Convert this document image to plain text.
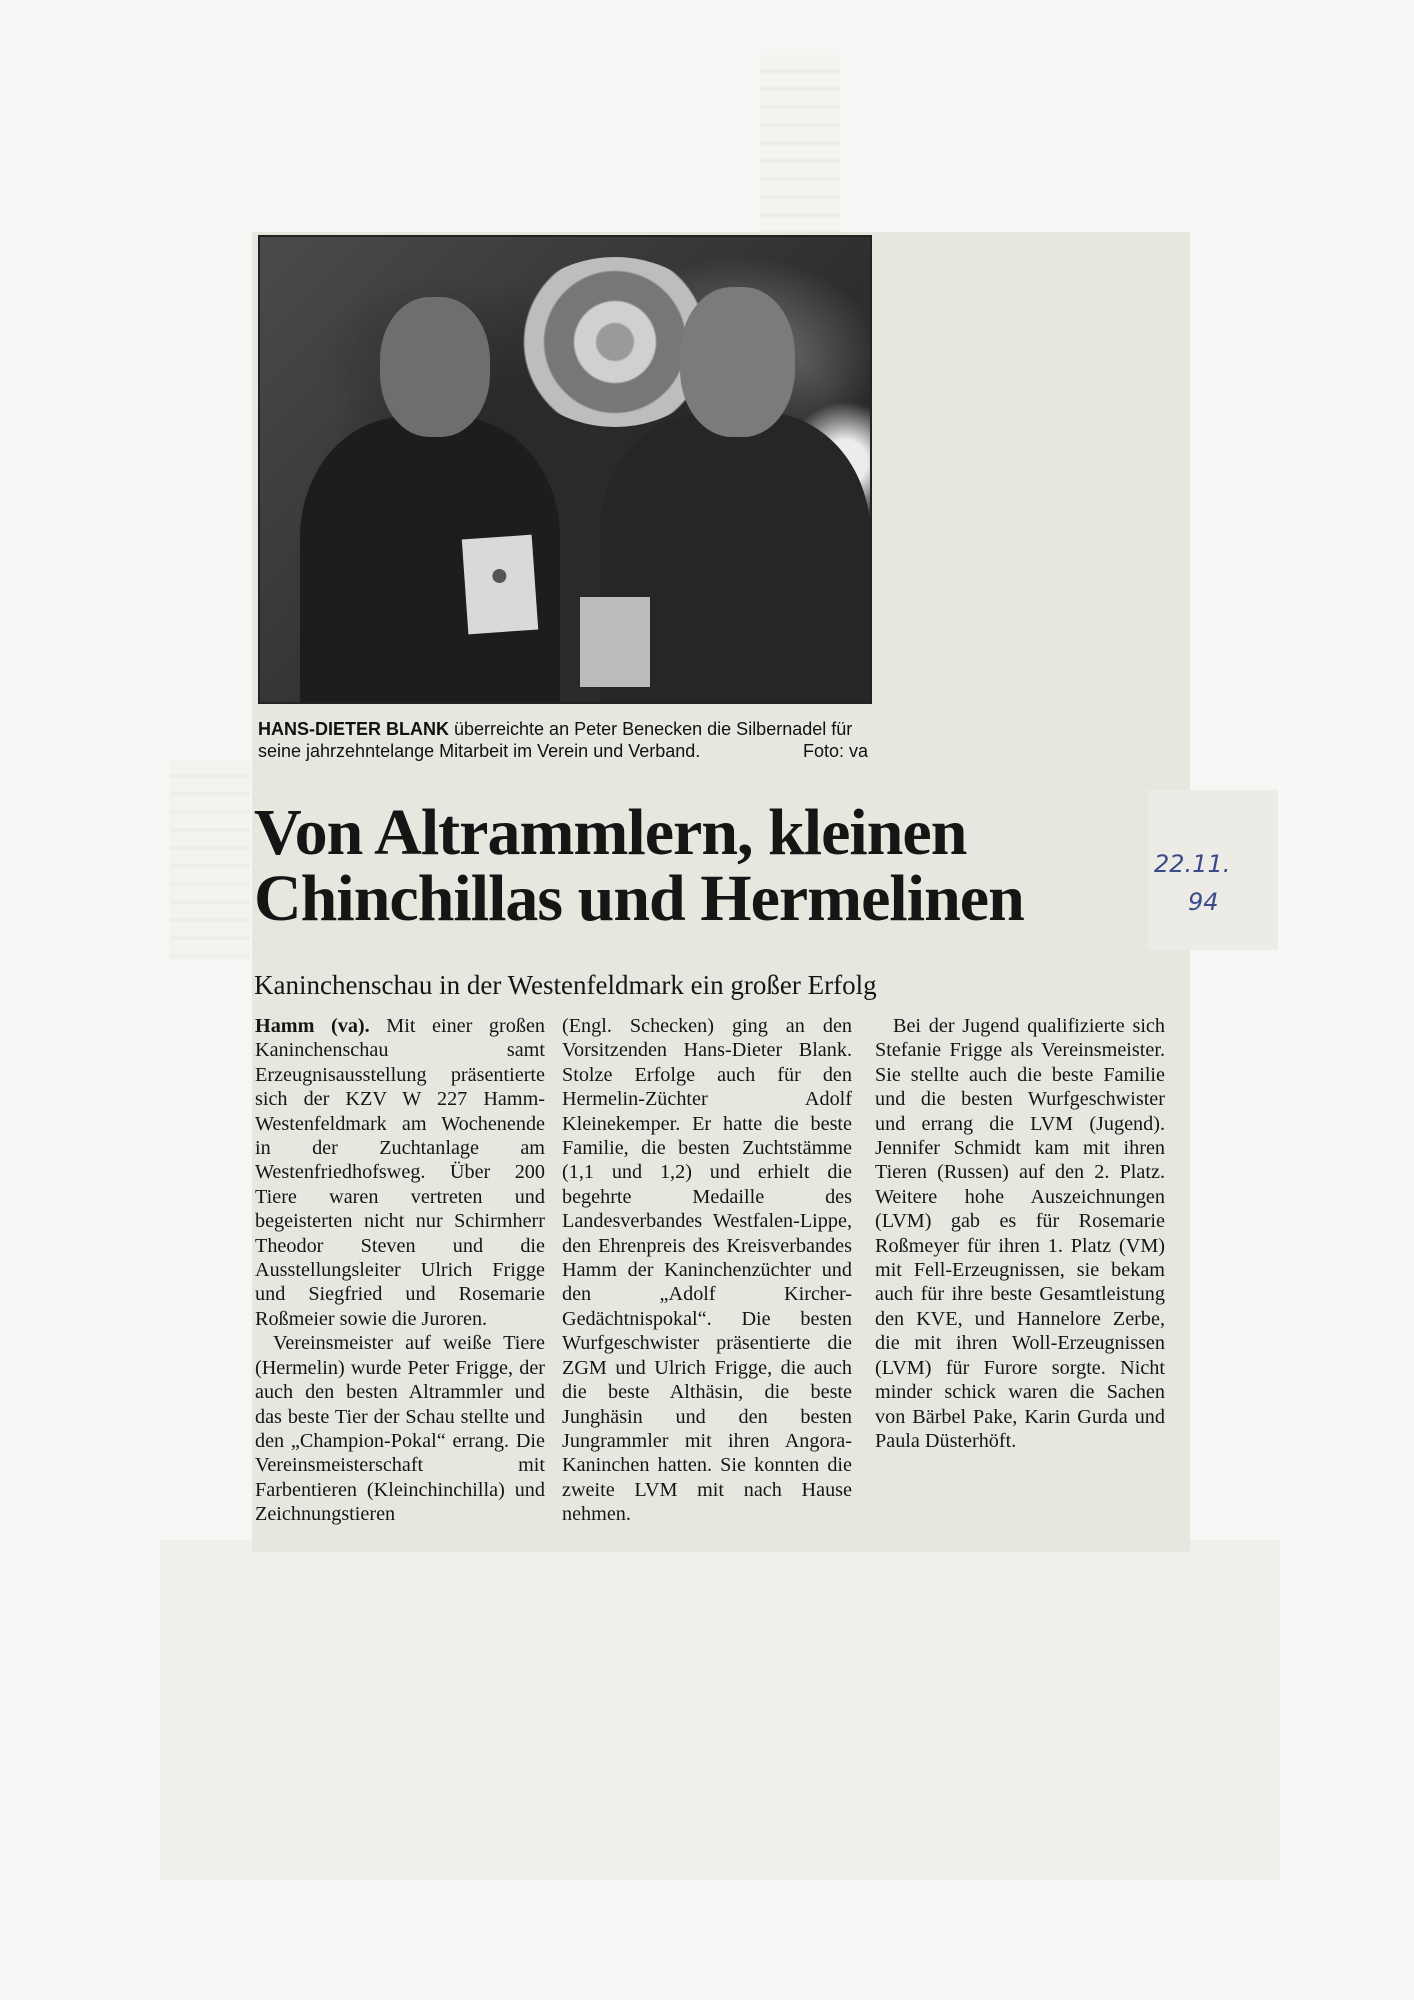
HANS-DIETER BLANK überreichte an Peter Benecken die Silbernadel für seine jahrzehntelange Mitarbeit im Verein und Verband.	Foto: va
Von Altrammlern, kleinen
Chinchillas und Hermelinen	22.11.
94
Kaninchenschau in der Westenfeldmark ein großer Erfolg

Hamm (va). Mit einer großen Kaninchenschau samt Erzeugnisausstellung präsentierte sich der KZV W 227 Hamm-Westenfeldmark am Wochenende in der Zuchtanlage am Westenfriedhofsweg. Über 200 Tiere waren vertreten und begeisterten nicht nur Schirmherr Theodor Steven und die Ausstellungsleiter Ulrich Frigge und Siegfried und Rosemarie Roßmeier sowie die Juroren.

Vereinsmeister auf weiße Tiere (Hermelin) wurde Peter Frigge, der auch den besten Altrammler und das beste Tier der Schau stellte und den „Champion-Pokal“ errang. Die Vereinsmeisterschaft mit Farbentieren (Kleinchinchilla) und Zeichnungstieren

(Engl. Schecken) ging an den Vorsitzenden Hans-Dieter Blank. Stolze Erfolge auch für den Hermelin-Züchter Adolf Kleinekemper. Er hatte die beste Familie, die besten Zuchtstämme (1,1 und 1,2) und erhielt die begehrte Medaille des Landesverbandes Westfalen-Lippe, den Ehrenpreis des Kreisverbandes Hamm der Kaninchenzüchter und den „Adolf Kircher-Gedächtnispokal“. Die besten Wurfgeschwister präsentierte die ZGM und Ulrich Frigge, die auch die beste Althäsin, die beste Junghäsin und den besten Jungrammler mit ihren Angora-Kaninchen hatten. Sie konnten die zweite LVM mit nach Hause nehmen.

Bei der Jugend qualifizierte sich Stefanie Frigge als Vereinsmeister. Sie stellte auch die beste Familie und die besten Wurfgeschwister und errang die LVM (Jugend). Jennifer Schmidt kam mit ihren Tieren (Russen) auf den 2. Platz. Weitere hohe Auszeichnungen (LVM) gab es für Rosemarie Roßmeyer für ihren 1. Platz (VM) mit Fell-Erzeugnissen, sie bekam auch für ihre beste Gesamtleistung den KVE, und Hannelore Zerbe, die mit ihren Woll-Erzeugnissen (LVM) für Furore sorgte. Nicht minder schick waren die Sachen von Bärbel Pake, Karin Gurda und Paula Düsterhöft.
